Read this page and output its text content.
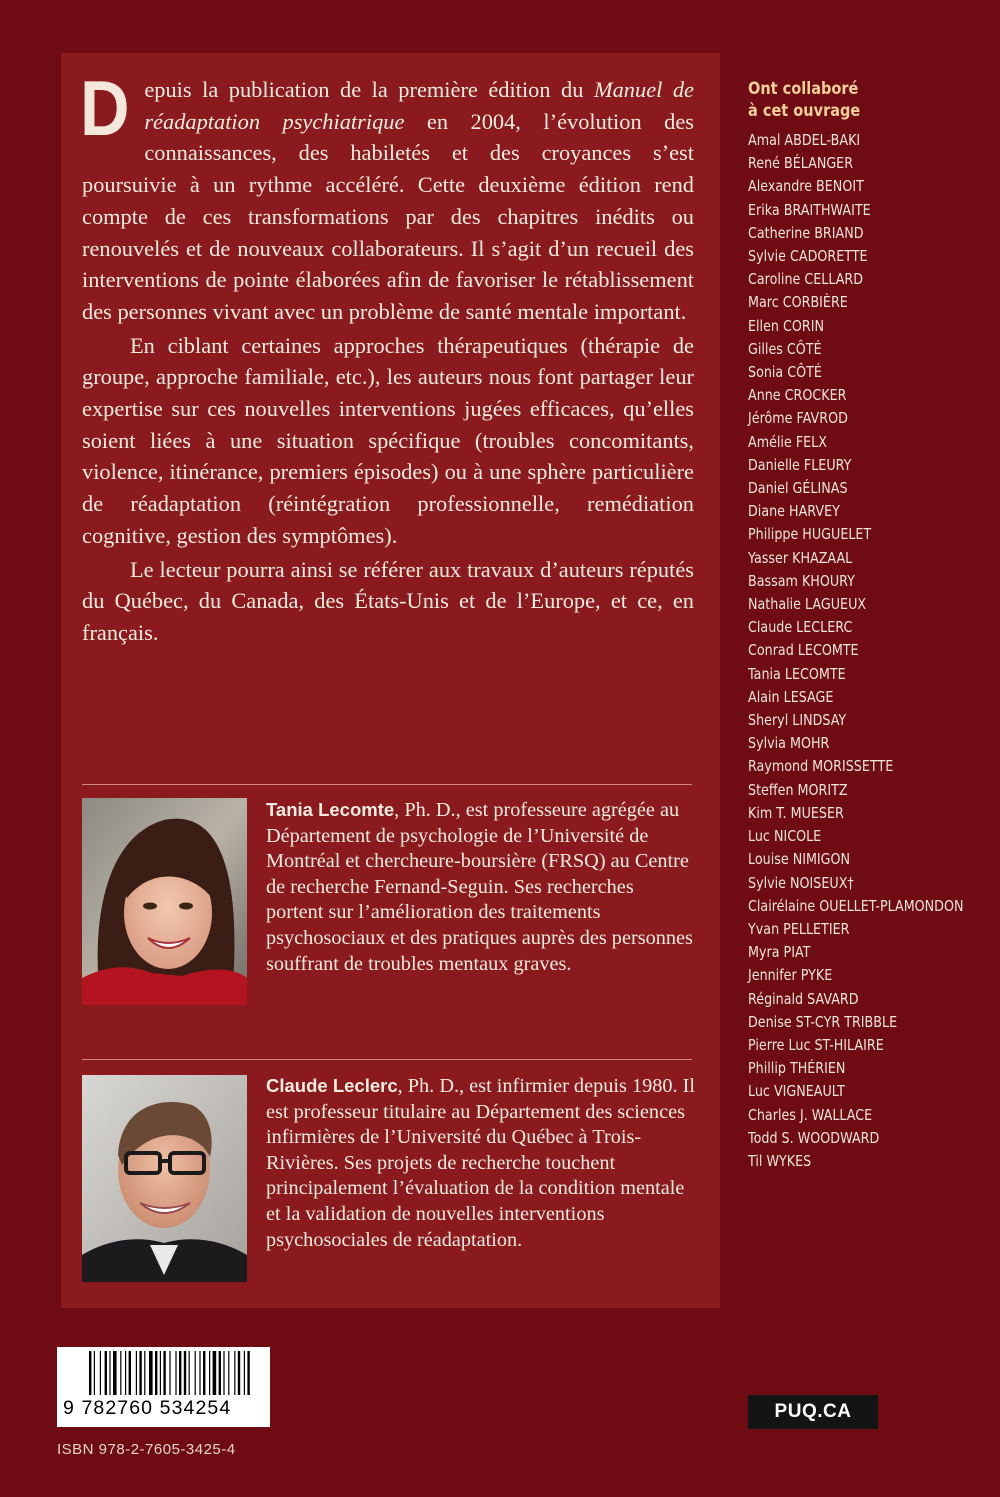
Depuis la publication de la première édition du Manuel de réadaptation psychiatrique en 2004, l’évolution des connaissances, des habiletés et des croyances s’est poursuivie à un rythme accéléré. Cette deuxième édition rend compte de ces transformations par des chapitres inédits ou renouvelés et de nouveaux collaborateurs. Il s’agit d’un recueil des interventions de pointe élaborées afin de favoriser le rétablissement des personnes vivant avec un problème de santé mentale important.

En ciblant certaines approches thérapeutiques (thérapie de groupe, approche familiale, etc.), les auteurs nous font partager leur expertise sur ces nouvelles interventions jugées efficaces, qu’elles soient liées à une situation spécifique (troubles concomitants, violence, itinérance, premiers épisodes) ou à une sphère particulière de réadaptation (réintégration professionnelle, remédiation cognitive, gestion des symptômes).

Le lecteur pourra ainsi se référer aux travaux d’auteurs réputés du Québec, du Canada, des États-Unis et de l’Europe, et ce, en français.

Tania Lecomte, Ph. D., est professeure agrégée au Département de psychologie de l’Université de Montréal et chercheure-boursière (FRSQ) au Centre de recherche Fernand-Seguin. Ses recherches portent sur l’amélioration des traitements psychosociaux et des pratiques auprès des personnes souffrant de troubles mentaux graves.
Claude Leclerc, Ph. D., est infirmier depuis 1980. Il est professeur titulaire au Département des sciences infirmières de l’Université du Québec à Trois-Rivières. Ses projets de recherche touchent principalement l’évaluation de la condition mentale et la validation de nouvelles interventions psychosociales de réadaptation.
Ont collaboré
à cet ouvrage
Amal ABDEL-BAKI
René BÉLANGER
Alexandre BENOIT
Erika BRAITHWAITE
Catherine BRIAND
Sylvie CADORETTE
Caroline CELLARD
Marc CORBIÈRE
Ellen CORIN
Gilles CÔTÉ
Sonia CÔTÉ
Anne CROCKER
Jérôme FAVROD
Amélie FELX
Danielle FLEURY
Daniel GÉLINAS
Diane HARVEY
Philippe HUGUELET
Yasser KHAZAAL
Bassam KHOURY
Nathalie LAGUEUX
Claude LECLERC
Conrad LECOMTE
Tania LECOMTE
Alain LESAGE
Sheryl LINDSAY
Sylvia MOHR
Raymond MORISSETTE
Steffen MORITZ
Kim T. MUESER
Luc NICOLE
Louise NIMIGON
Sylvie NOISEUX†
Clairélaine OUELLET-PLAMONDON
Yvan PELLETIER
Myra PIAT
Jennifer PYKE
Réginald SAVARD
Denise ST-CYR TRIBBLE
Pierre Luc ST-HILAIRE
Phillip THÉRIEN
Luc VIGNEAULT
Charles J. WALLACE
Todd S. WOODWARD
Til WYKES
9 782760 534254
ISBN 978-2-7605-3425-4
PUQ.CA
